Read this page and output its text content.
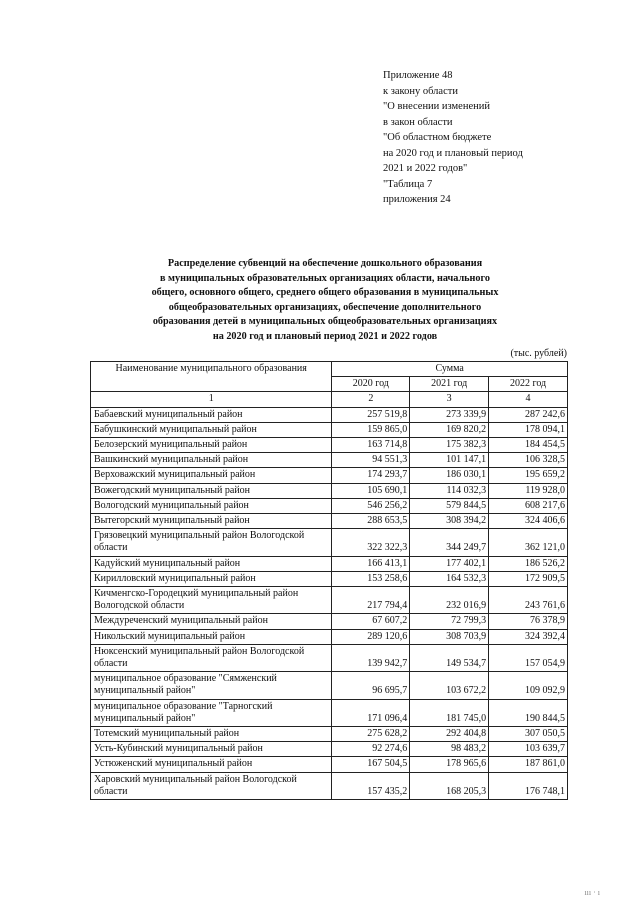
Приложение 48
к закону области
"О внесении изменений
в закон области
"Об областном бюджете
на 2020 год и плановый период
2021 и 2022 годов"
"Таблица 7
приложения 24
Распределение субвенций на обеспечение дошкольного образования
в муниципальных образовательных организациях области, начального
общего, основного общего, среднего общего образования в муниципальных
общеобразовательных организациях, обеспечение дополнительного
образования детей в муниципальных общеобразовательных организациях
на 2020 год и плановый период 2021 и 2022 годов
(тыс. рублей)
Наименование муниципального образования	Сумма		
	2020 год	2021 год	2022 год
1	2	3	4
Бабаевский муниципальный район	257 519,8	273 339,9	287 242,6
Бабушкинский муниципальный район	159 865,0	169 820,2	178 094,1
Белозерский муниципальный район	163 714,8	175 382,3	184 454,5
Вашкинский муниципальный район	94 551,3	101 147,1	106 328,5
Верховажский муниципальный район	174 293,7	186 030,1	195 659,2
Вожегодский муниципальный район	105 690,1	114 032,3	119 928,0
Вологодский муниципальный район	546 256,2	579 844,5	608 217,6
Вытегорский муниципальный район	288 653,5	308 394,2	324 406,6
Грязовецкий муниципальный район Вологодской области	322 322,3	344 249,7	362 121,0
Кадуйский муниципальный район	166 413,1	177 402,1	186 526,2
Кирилловский муниципальный район	153 258,6	164 532,3	172 909,5
Кичменгско-Городецкий муниципальный район Вологодской области	217 794,4	232 016,9	243 761,6
Междуреченский муниципальный район	67 607,2	72 799,3	76 378,9
Никольский муниципальный район	289 120,6	308 703,9	324 392,4
Нюксенский муниципальный район Вологодской области	139 942,7	149 534,7	157 054,9
муниципальное образование "Сямженский муниципальный район"	96 695,7	103 672,2	109 092,9
муниципальное образование "Тарногский муниципальный район"	171 096,4	181 745,0	190 844,5
Тотемский муниципальный район	275 628,2	292 404,8	307 050,5
Усть-Кубинский муниципальный район	92 274,6	98 483,2	103 639,7
Устюженский муниципальный район	167 504,5	178 965,6	187 861,0
Харовский муниципальный район Вологодской области	157 435,2	168 205,3	176 748,1
ııı · ı
